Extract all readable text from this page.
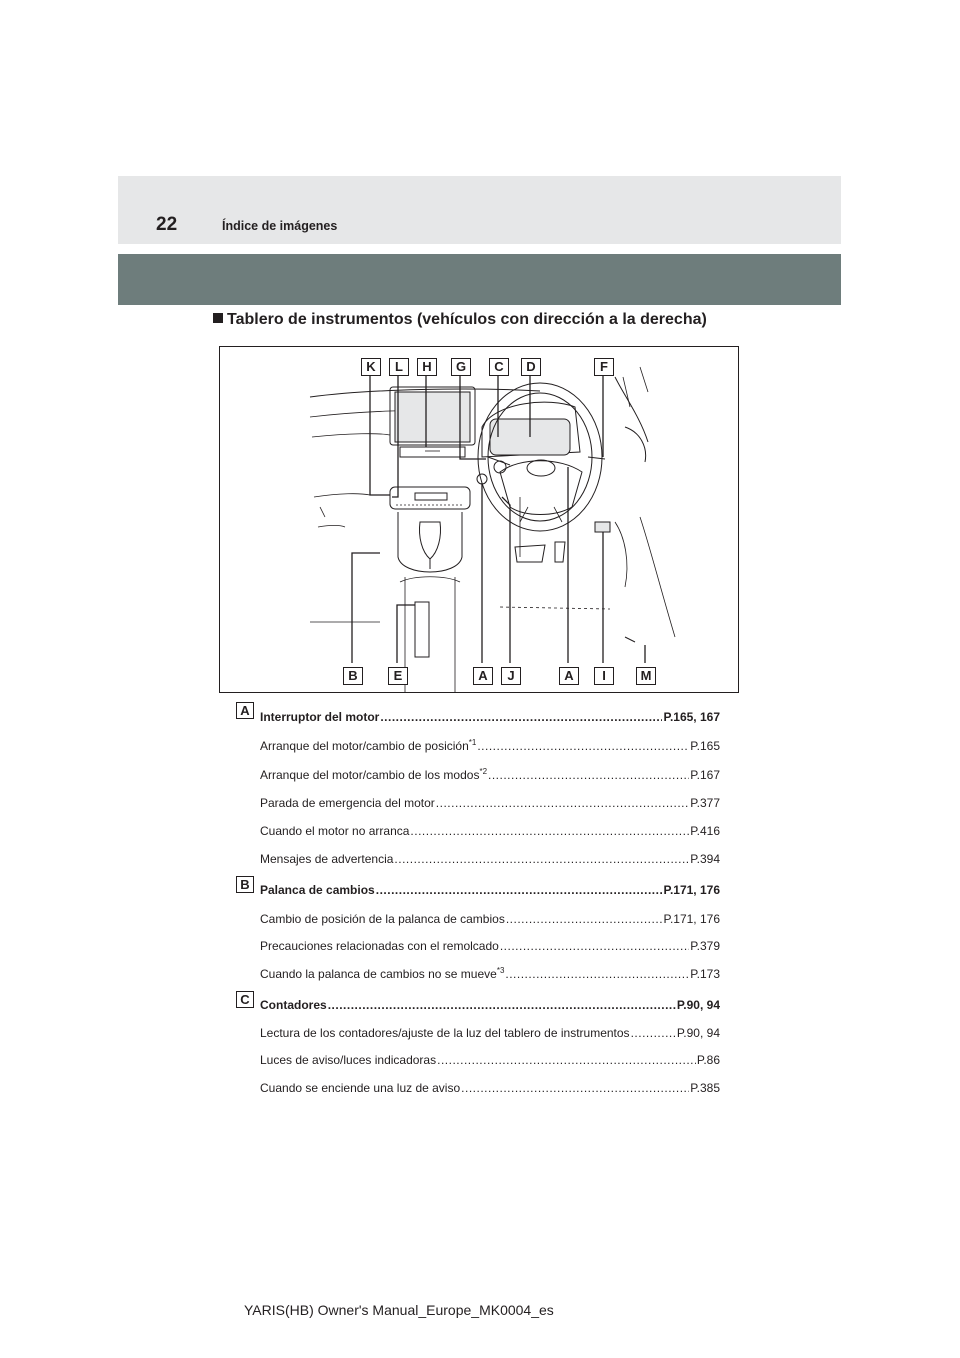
22	Índice de imágenes
Tablero de instrumentos (vehículos con dirección a la derecha)
K	L	H	G	C	D	F
B	E	A	J	A	I	M
A Interruptor del motor .....	P.165, 167
Arranque del motor/cambio de posición$^{*1}$ .....	P.165
Arranque del motor/cambio de los modos$^{*2}$ .....	P.167
Parada de emergencia del motor .....	P.377
Cuando el motor no arranca .....	P.416
Mensajes de advertencia .....	P.394
B Palanca de cambios .....	P.171, 176
Cambio de posición de la palanca de cambios .....	P.171, 176
Precauciones relacionadas con el remolcado .....	P.379
Cuando la palanca de cambios no se mueve$^{*3}$ .....	P.173
C Contadores .....	P.90, 94
Lectura de los contadores/ajuste de la luz del tablero de instrumentos .....	P.90, 94
Luces de aviso/luces indicadoras .....	P.86
Cuando se enciende una luz de aviso .....	P.385
YARIS(HB) Owner's Manual_Europe_MK0004_es
